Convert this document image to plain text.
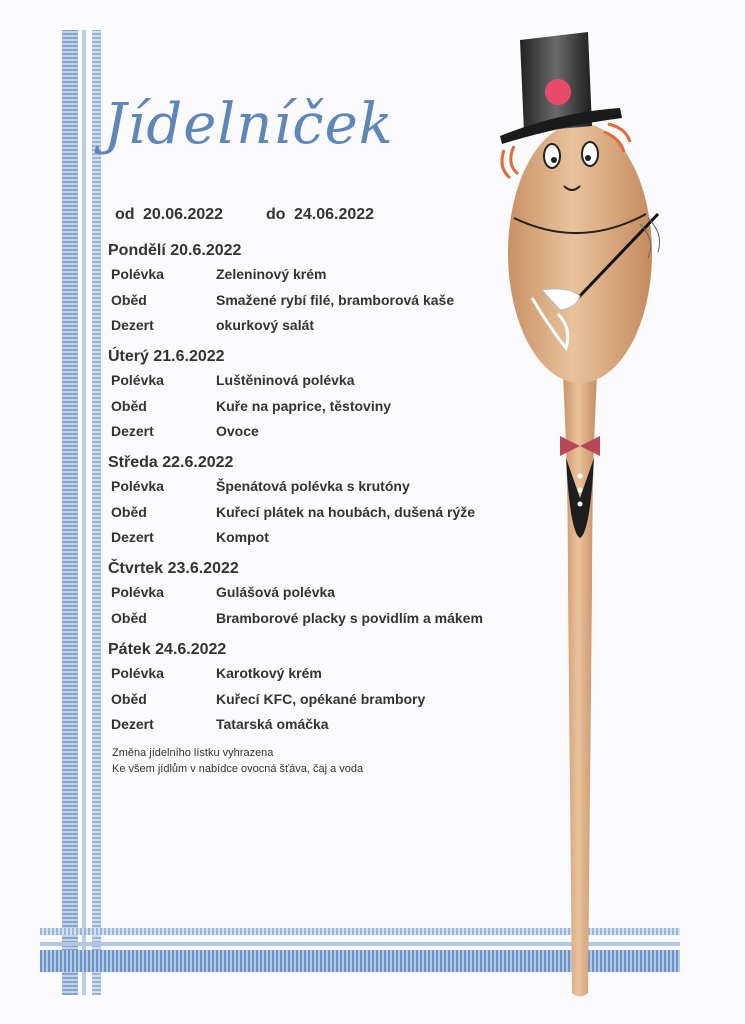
Jídelníček
od 20.06.2022	do 24.06.2022
Pondělí 20.6.2022
Polévka	Zeleninový krém
Oběd	Smažené rybí filé, bramborová kaše
Dezert	okurkový salát
Úterý 21.6.2022
Polévka	Luštěninová polévka
Oběd	Kuře na paprice, těstoviny
Dezert	Ovoce
Středa 22.6.2022
Polévka	Špenátová polévka s krutóny
Oběd	Kuřecí plátek na houbách, dušená rýže
Dezert	Kompot
Čtvrtek 23.6.2022
Polévka	Gulášová polévka
Oběd	Bramborové placky s povidlím a mákem
Pátek 24.6.2022
Polévka	Karotkový krém
Oběd	Kuřecí KFC, opékané brambory
Dezert	Tatarská omáčka
Změna jídelního lístku vyhrazena
Ke všem jídlům v nabídce ovocná šťáva, čaj a voda
